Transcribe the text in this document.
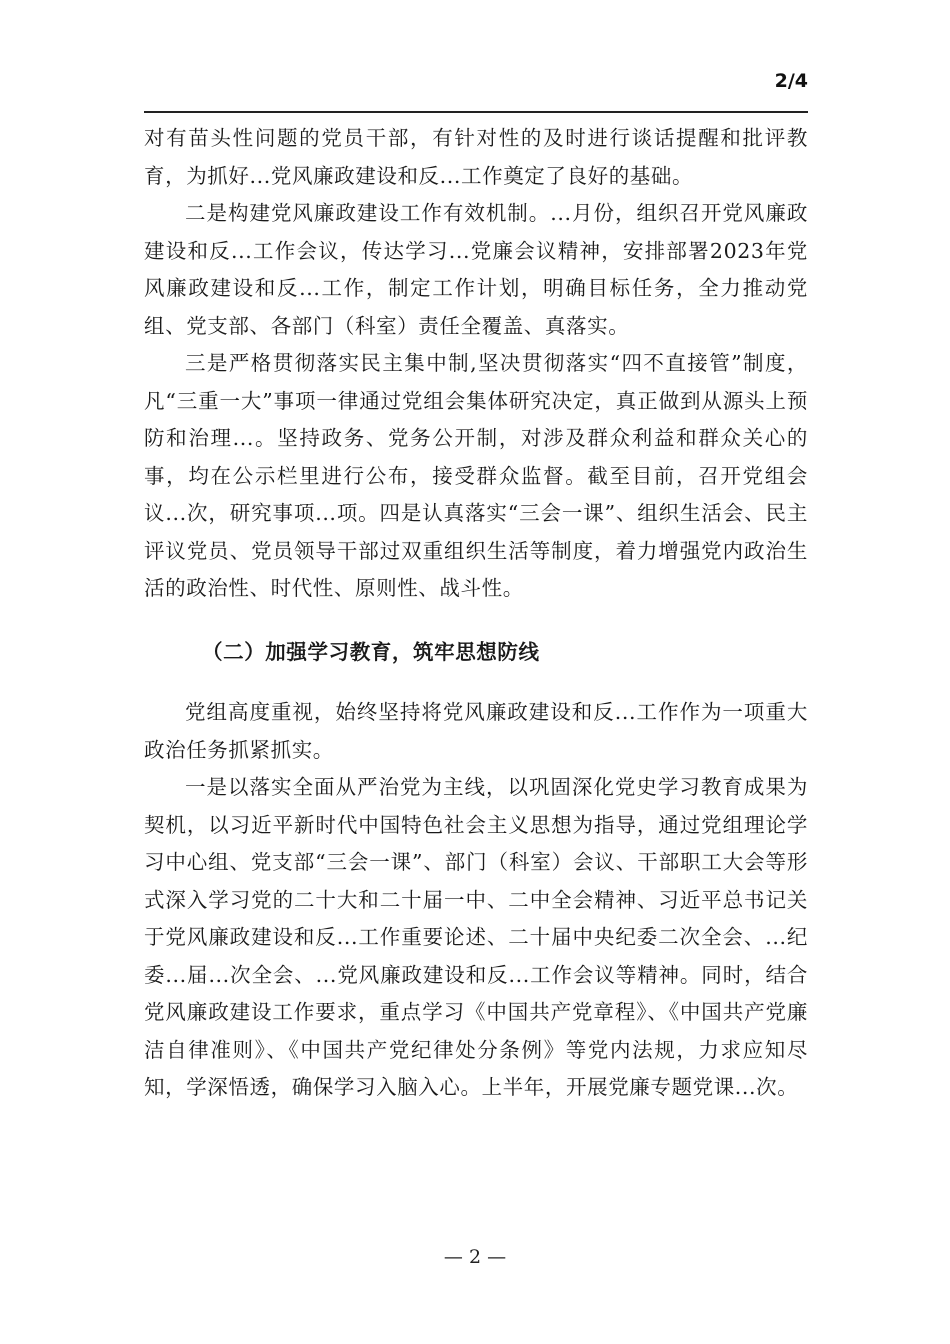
2/4

对有苗头性问题的党员干部，有针对性的及时进行谈话提醒和批评教育，为抓好...党风廉政建设和反...工作奠定了良好的基础。

二是构建党风廉政建设工作有效机制。...月份，组织召开党风廉政建设和反...工作会议，传达学习...党廉会议精神，安排部署2023年党风廉政建设和反...工作，制定工作计划，明确目标任务，全力推动党组、党支部、各部门（科室）责任全覆盖、真落实。

三是严格贯彻落实民主集中制,坚决贯彻落实“四不直接管”制度，凡“三重一大”事项一律通过党组会集体研究决定，真正做到从源头上预防和治理...。坚持政务、党务公开制，对涉及群众利益和群众关心的事，均在公示栏里进行公布，接受群众监督。截至目前，召开党组会议...次，研究事项...项。四是认真落实“三会一课”、组织生活会、民主评议党员、党员领导干部过双重组织生活等制度，着力增强党内政治生活的政治性、时代性、原则性、战斗性。

（二）加强学习教育，筑牢思想防线

党组高度重视，始终坚持将党风廉政建设和反...工作作为一项重大政治任务抓紧抓实。

一是以落实全面从严治党为主线，以巩固深化党史学习教育成果为契机，以习近平新时代中国特色社会主义思想为指导，通过党组理论学习中心组、党支部“三会一课”、部门（科室）会议、干部职工大会等形式深入学习党的二十大和二十届一中、二中全会精神、习近平总书记关于党风廉政建设和反...工作重要论述、二十届中央纪委二次全会、...纪委...届...次全会、...党风廉政建设和反...工作会议等精神。同时，结合党风廉政建设工作要求，重点学习《中国共产党章程》、《中国共产党廉洁自律准则》、《中国共产党纪律处分条例》等党内法规，力求应知尽知，学深悟透，确保学习入脑入心。上半年，开展党廉专题党课...次。

— 2 —
